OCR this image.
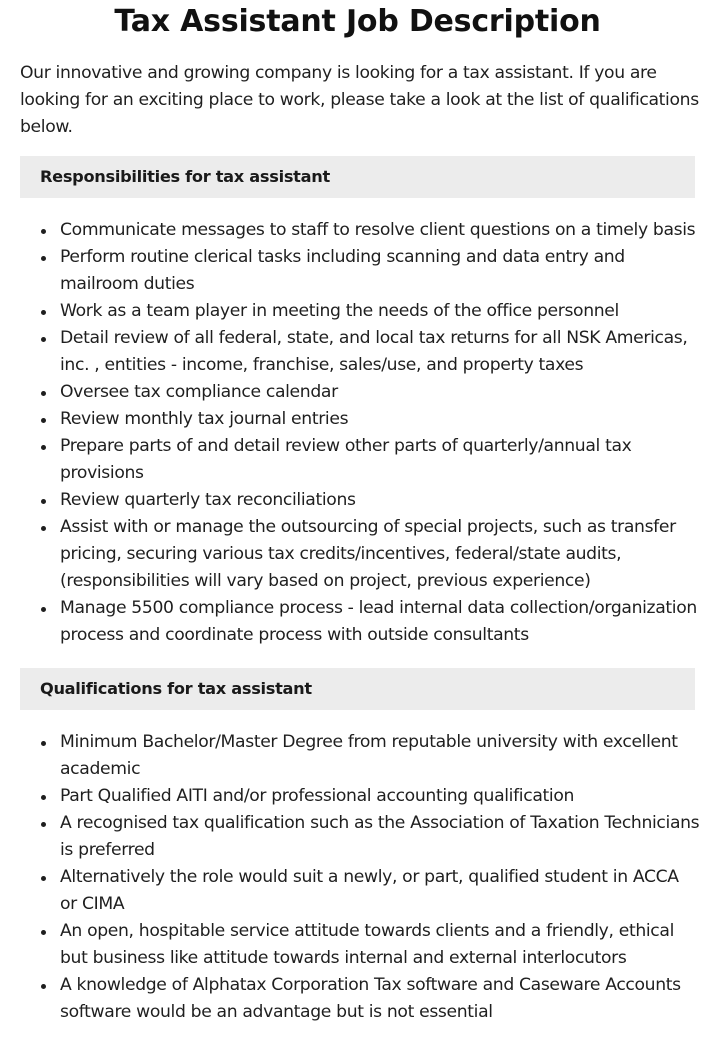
Tax Assistant Job Description

Our innovative and growing company is looking for a tax assistant. If you are looking for an exciting place to work, please take a look at the list of qualifications below.

Responsibilities for tax assistant
Communicate messages to staff to resolve client questions on a timely basis
Perform routine clerical tasks including scanning and data entry and mailroom duties
Work as a team player in meeting the needs of the office personnel
Detail review of all federal, state, and local tax returns for all NSK Americas, inc. , entities - income, franchise, sales/use, and property taxes
Oversee tax compliance calendar
Review monthly tax journal entries
Prepare parts of and detail review other parts of quarterly/annual tax provisions
Review quarterly tax reconciliations
Assist with or manage the outsourcing of special projects, such as transfer pricing, securing various tax credits/incentives, federal/state audits, (responsibilities will vary based on project, previous experience)
Manage 5500 compliance process - lead internal data collection/organization process and coordinate process with outside consultants
Qualifications for tax assistant
Minimum Bachelor/Master Degree from reputable university with excellent academic
Part Qualified AITI and/or professional accounting qualification
A recognised tax qualification such as the Association of Taxation Technicians is preferred
Alternatively the role would suit a newly, or part, qualified student in ACCA or CIMA
An open, hospitable service attitude towards clients and a friendly, ethical but business like attitude towards internal and external interlocutors
A knowledge of Alphatax Corporation Tax software and Caseware Accounts software would be an advantage but is not essential
